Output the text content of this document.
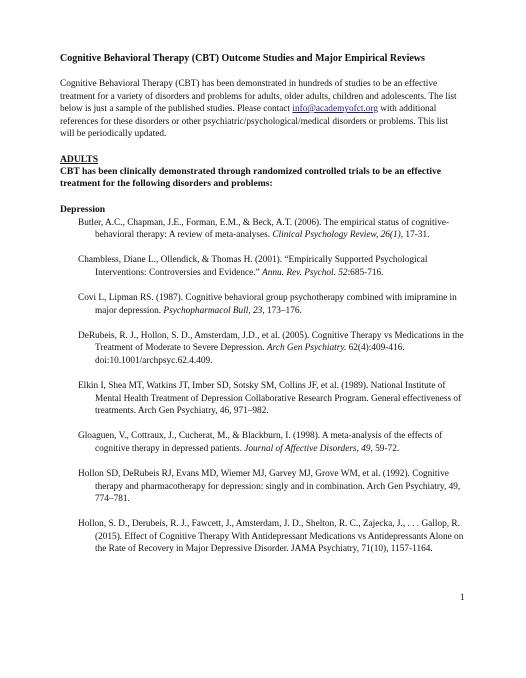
Cognitive Behavioral Therapy (CBT) Outcome Studies and Major Empirical Reviews

Cognitive Behavioral Therapy (CBT) has been demonstrated in hundreds of studies to be an effective treatment for a variety of disorders and problems for adults, older adults, children and adolescents. The list below is just a sample of the published studies. Please contact info@academyofct.org with additional references for these disorders or other psychiatric/psychological/medical disorders or problems. This list will be periodically updated.

ADULTS

CBT has been clinically demonstrated through randomized controlled trials to be an effective treatment for the following disorders and problems:

Depression

Butler, A.C., Chapman, J.E., Forman, E.M., & Beck, A.T. (2006). The empirical status of cognitive-behavioral therapy: A review of meta-analyses. Clinical Psychology Review, 26(1), 17-31.
Chambless, Diane L., Ollendick, & Thomas H. (2001). “Empirically Supported Psychological Interventions: Controversies and Evidence.” Annu. Rev. Psychol. 52:685-716.
Covi L, Lipman RS. (1987). Cognitive behavioral group psychotherapy combined with imipramine in major depression. Psychopharmacol Bull, 23, 173–176.
DeRubeis, R. J., Hollon, S. D., Amsterdam, J.D., et al. (2005). Cognitive Therapy vs Medications in the Treatment of Moderate to Severe Depression. Arch Gen Psychiatry. 62(4):409-416. doi:10.1001/archpsyc.62.4.409.
Elkin I, Shea MT, Watkins JT, Imber SD, Sotsky SM, Collins JF, et al. (1989). National Institute of Mental Health Treatment of Depression Collaborative Research Program. General effectiveness of treatments. Arch Gen Psychiatry, 46, 971–982.
Gloaguen, V., Cottraux, J., Cucherat, M., & Blackburn, I. (1998). A meta-analysis of the effects of cognitive therapy in depressed patients. Journal of Affective Disorders, 49, 59-72.
Hollon SD, DeRubeis RJ, Evans MD, Wiemer MJ, Garvey MJ, Grove WM, et al. (1992). Cognitive therapy and pharmacotherapy for depression: singly and in combination. Arch Gen Psychiatry, 49, 774–781.
Hollon, S. D., Derubeis, R. J., Fawcett, J., Amsterdam, J. D., Shelton, R. C., Zajecka, J., . . . Gallop, R. (2015). Effect of Cognitive Therapy With Antidepressant Medications vs Antidepressants Alone on the Rate of Recovery in Major Depressive Disorder. JAMA Psychiatry, 71(10), 1157-1164.
1
